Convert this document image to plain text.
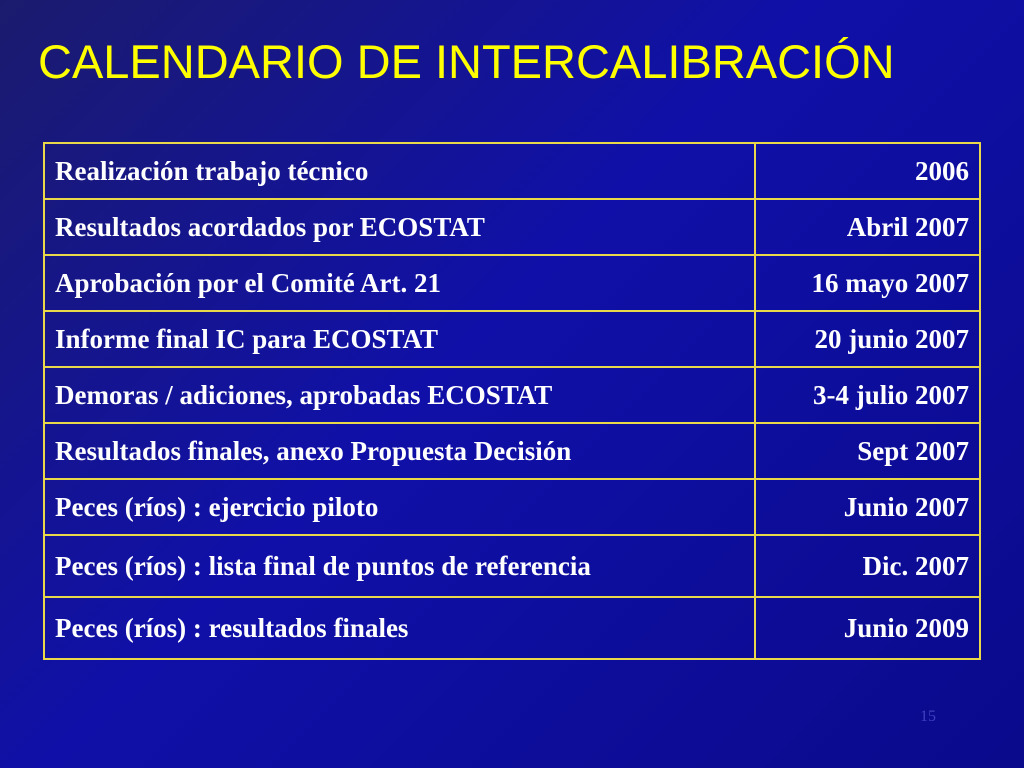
CALENDARIO DE INTERCALIBRACIÓN
Realización trabajo técnico	2006
Resultados acordados por ECOSTAT	Abril 2007
Aprobación por el Comité Art. 21	16 mayo 2007
Informe final IC para ECOSTAT	20 junio 2007
Demoras / adiciones, aprobadas ECOSTAT	3-4 julio 2007
Resultados finales, anexo Propuesta Decisión	Sept 2007
Peces (ríos) : ejercicio piloto	Junio 2007
Peces (ríos) : lista final de puntos de referencia	Dic. 2007
Peces (ríos) : resultados finales	Junio 2009
15
